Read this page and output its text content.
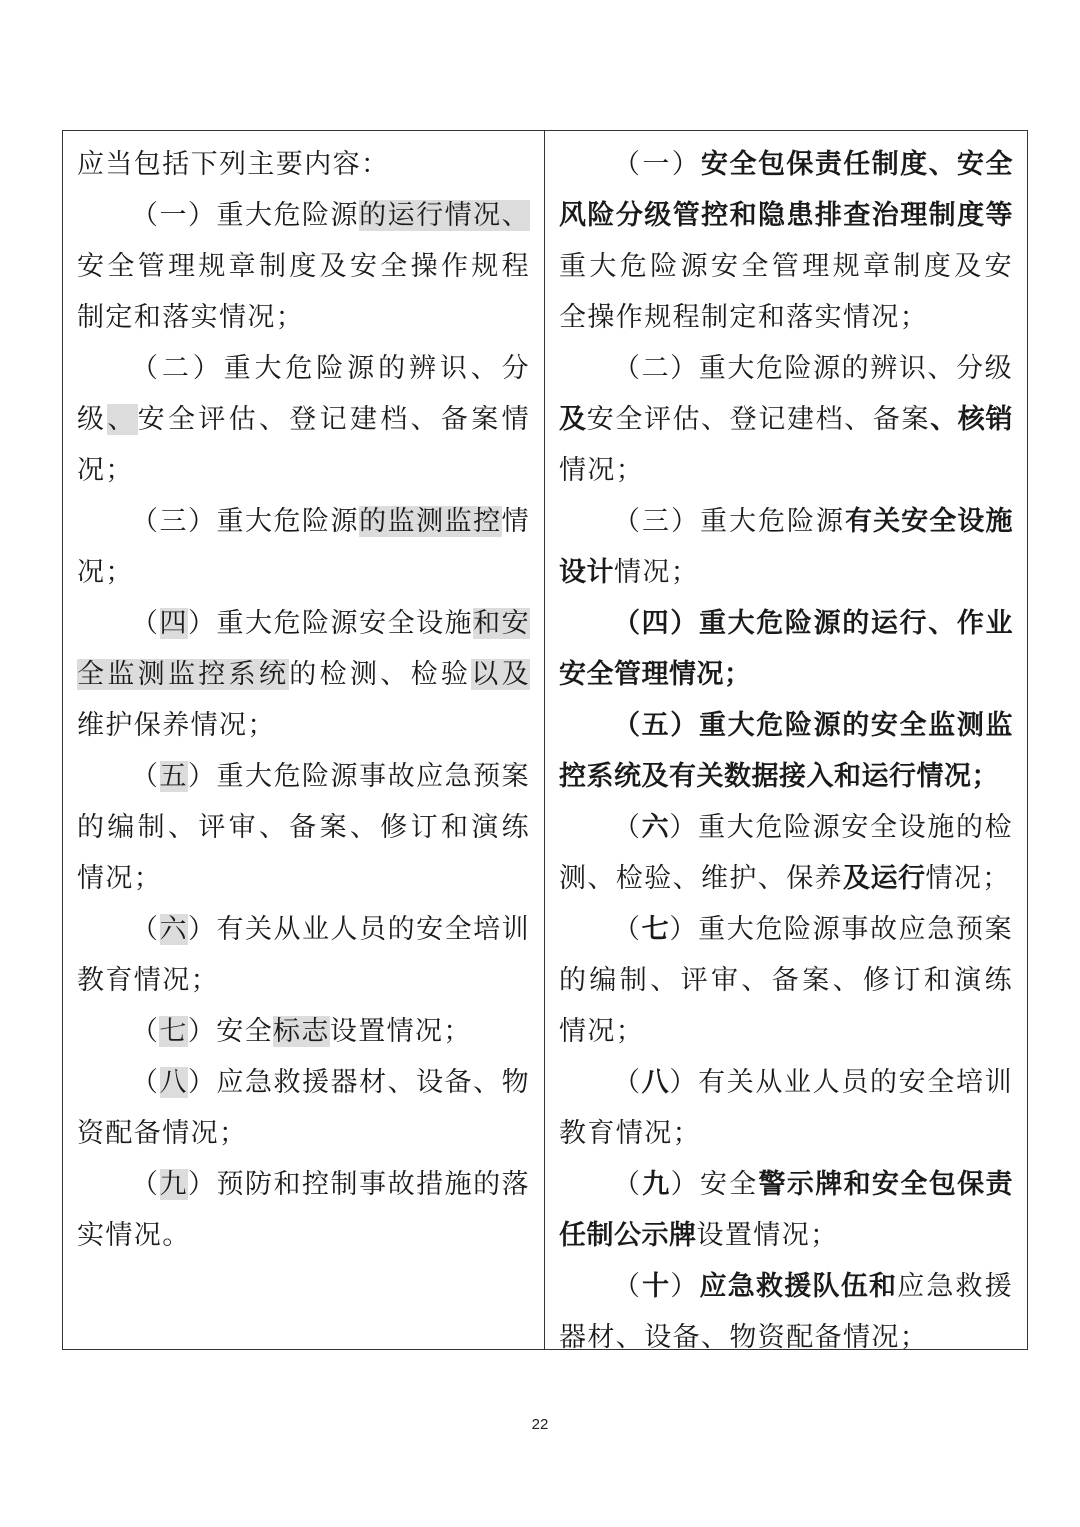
应当包括下列主要内容：

（一）重大危险源的运行情况、安全管理规章制度及安全操作规程制定和落实情况；

（二）重大危险源的辨识、分级、安全评估、登记建档、备案情况；

（三）重大危险源的监测监控情况；

（四）重大危险源安全设施和安全监测监控系统的检测、检验以及维护保养情况；

（五）重大危险源事故应急预案的编制、评审、备案、修订和演练情况；

（六）有关从业人员的安全培训教育情况；

（七）安全标志设置情况；

（八）应急救援器材、设备、物资配备情况；

（九）预防和控制事故措施的落实情况。

（一）安全包保责任制度、安全风险分级管控和隐患排查治理制度等重大危险源安全管理规章制度及安全操作规程制定和落实情况；

（二）重大危险源的辨识、分级及安全评估、登记建档、备案、核销情况；

（三）重大危险源有关安全设施设计情况；

（四）重大危险源的运行、作业安全管理情况；

（五）重大危险源的安全监测监控系统及有关数据接入和运行情况；

（六）重大危险源安全设施的检测、检验、维护、保养及运行情况；

（七）重大危险源事故应急预案的编制、评审、备案、修订和演练情况；

（八）有关从业人员的安全培训教育情况；

（九）安全警示牌和安全包保责任制公示牌设置情况；

（十）应急救援队伍和应急救援器材、设备、物资配备情况；

22
